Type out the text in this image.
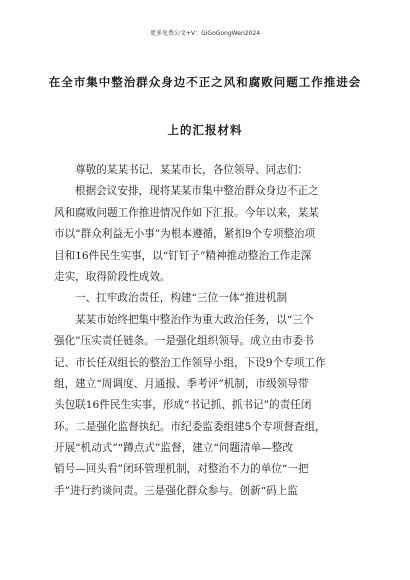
更多免费公文+V：GiGoGongWen2024
在全市集中整治群众身边不正之风和腐败问题工作推进会
上的汇报材料
尊敬的某某书记、某某市长，各位领导、同志们：
根据会议安排，现将某某市集中整治群众身边不正之
风和腐败问题工作推进情况作如下汇报。今年以来，某某
市以“群众利益无小事”为根本遵循，紧扣9个专项整治项
目和16件民生实事，以“钉钉子”精神推动整治工作走深
走实，取得阶段性成效。
一、扛牢政治责任，构建“三位一体”推进机制
某某市始终把集中整治作为重大政治任务，以“三个
强化”压实责任链条。一是强化组织领导。成立由市委书
记、市长任双组长的整治工作领导小组，下设9个专项工作
组，建立“周调度、月通报、季考评”机制，市级领导带
头包联16件民生实事，形成“书记抓、抓书记”的责任闭
环。二是强化监督执纪。市纪委监委组建5个专项督查组，
开展“机动式”“蹲点式”监督，建立“问题清单—整改
销号—回头看”闭环管理机制，对整治不力的单位“一把
手”进行约谈问责。三是强化群众参与。创新“码上监
